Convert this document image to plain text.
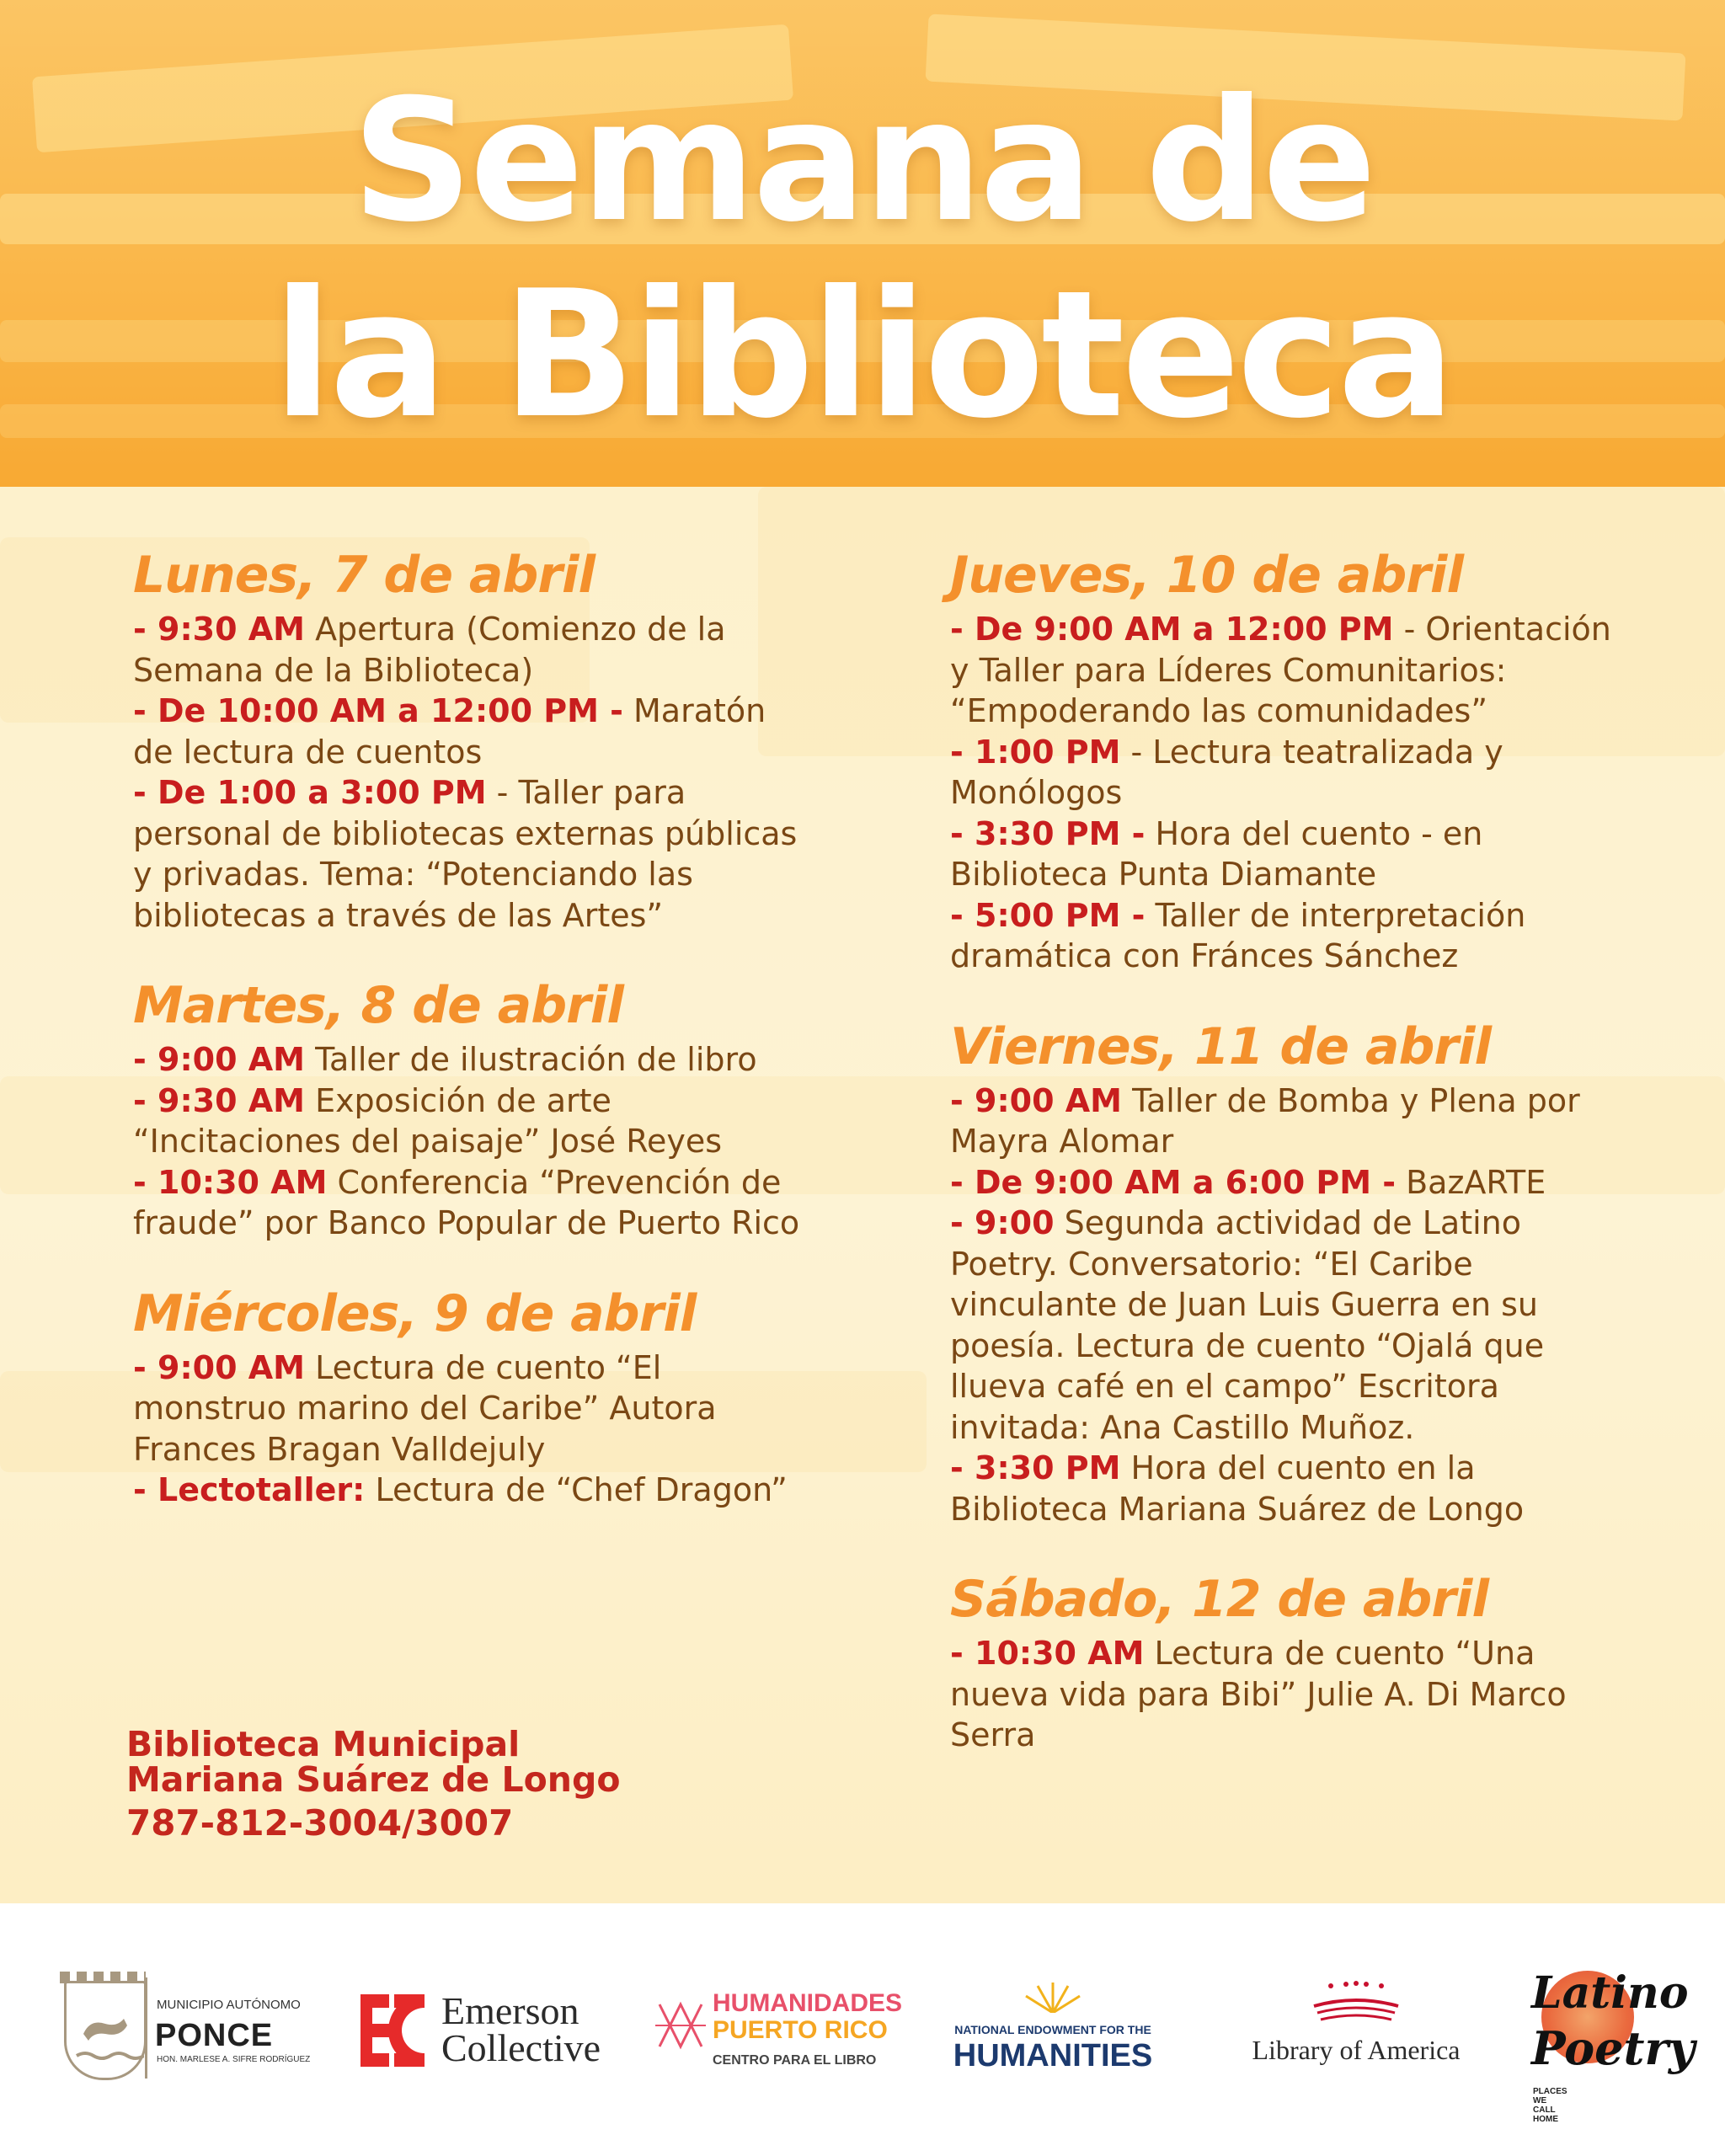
Semana de
la Biblioteca
Lunes, 7 de abril

- 9:30 AM Apertura (Comienzo de la Semana de la Biblioteca)

- De 10:00 AM a 12:00 PM - Maratón de lectura de cuentos

- De 1:00 a 3:00 PM - Taller para personal de bibliotecas externas públicas y privadas. Tema: “Potenciando las bibliotecas a través de las Artes”

Martes, 8 de abril

- 9:00 AM Taller de ilustración de libro

- 9:30 AM Exposición de arte “Incitaciones del paisaje” José Reyes

- 10:30 AM Conferencia “Prevención de fraude” por Banco Popular de Puerto Rico

Miércoles, 9 de abril

- 9:00 AM Lectura de cuento “El monstruo marino del Caribe” Autora Frances Bragan Valldejuly

- Lectotaller: Lectura de “Chef Dragon”

Jueves, 10 de abril

- De 9:00 AM a 12:00 PM - Orientación y Taller para Líderes Comunitarios: “Empoderando las comunidades”

- 1:00 PM - Lectura teatralizada y Monólogos

- 3:30 PM - Hora del cuento - en Biblioteca Punta Diamante

- 5:00 PM - Taller de interpretación dramática con Fránces Sánchez

Viernes, 11 de abril

- 9:00 AM Taller de Bomba y Plena por Mayra Alomar

- De 9:00 AM a 6:00 PM - BazARTE

- 9:00 Segunda actividad de Latino Poetry. Conversatorio: “El Caribe vinculante de Juan Luis Guerra en su poesía. Lectura de cuento “Ojalá que llueva café en el campo” Escritora invitada: Ana Castillo Muñoz.

- 3:30 PM Hora del cuento en la Biblioteca Mariana Suárez de Longo

Sábado, 12 de abril

- 10:30 AM Lectura de cuento “Una nueva vida para Bibi” Julie A. Di Marco Serra

Biblioteca Municipal
Mariana Suárez de Longo
787-812-3004/3007
MUNICIPIO AUTÓNOMO
PONCE
HON. MARLESE A. SIFRE RODRÍGUEZ
Emerson
Collective
HUMANIDADES
PUERTO RICO
CENTRO PARA EL LIBRO
NATIONAL ENDOWMENT FOR THE
HUMANITIES	Library of America
Latino
Poetry
PLACES WE CALL HOME
